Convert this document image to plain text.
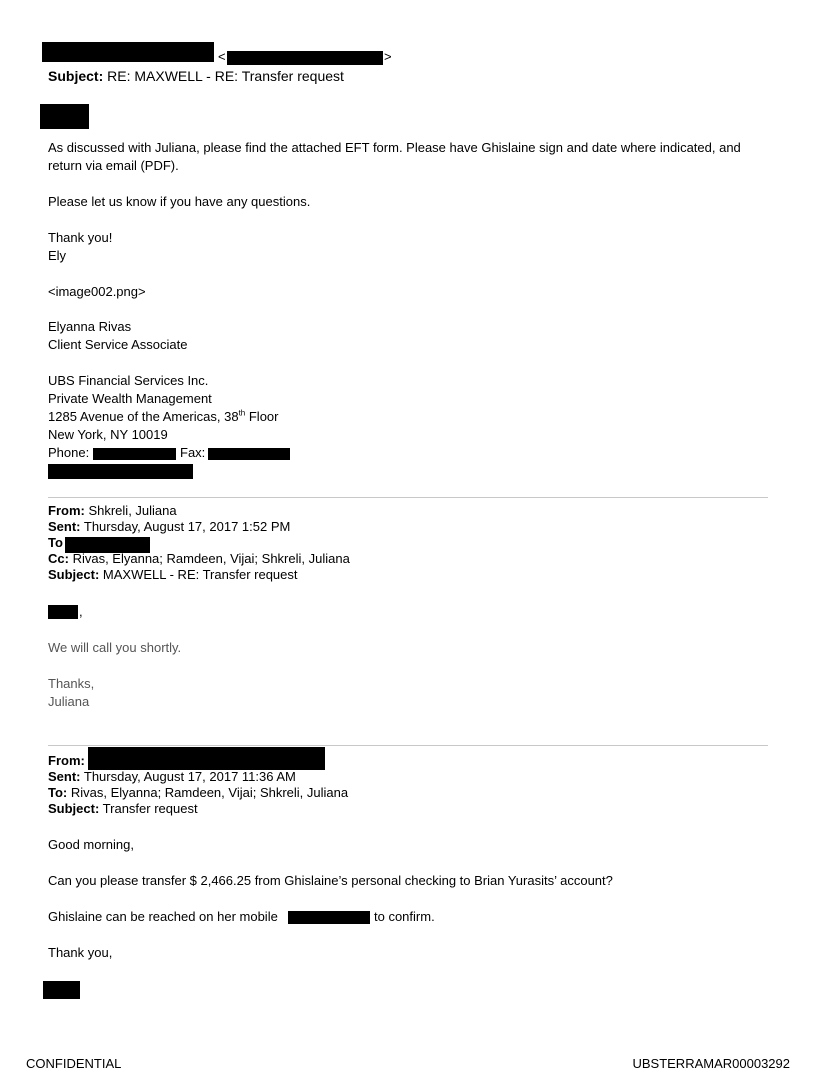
<	>
Subject: RE: MAXWELL - RE: Transfer request
As discussed with Juliana, please find the attached EFT form. Please have Ghislaine sign and date where indicated, and
return via email (PDF).
Please let us know if you have any questions.
Thank you!
Ely
<image002.png>
Elyanna Rivas
Client Service Associate
UBS Financial Services Inc.
Private Wealth Management
1285 Avenue of the Americas, 38th Floor
New York, NY 10019
Phone:	Fax:
From: Shkreli, Juliana
Sent: Thursday, August 17, 2017 1:52 PM
To
Cc: Rivas, Elyanna; Ramdeen, Vijai; Shkreli, Juliana
Subject: MAXWELL - RE: Transfer request
,
We will call you shortly.
Thanks,
Juliana
From:
Sent: Thursday, August 17, 2017 11:36 AM
To: Rivas, Elyanna; Ramdeen, Vijai; Shkreli, Juliana
Subject: Transfer request
Good morning,
Can you please transfer $ 2,466.25 from Ghislaine’s personal checking to Brian Yurasits’ account?
Ghislaine can be reached on her mobile	to confirm.
Thank you,
CONFIDENTIAL	UBSTERRAMAR00003292
